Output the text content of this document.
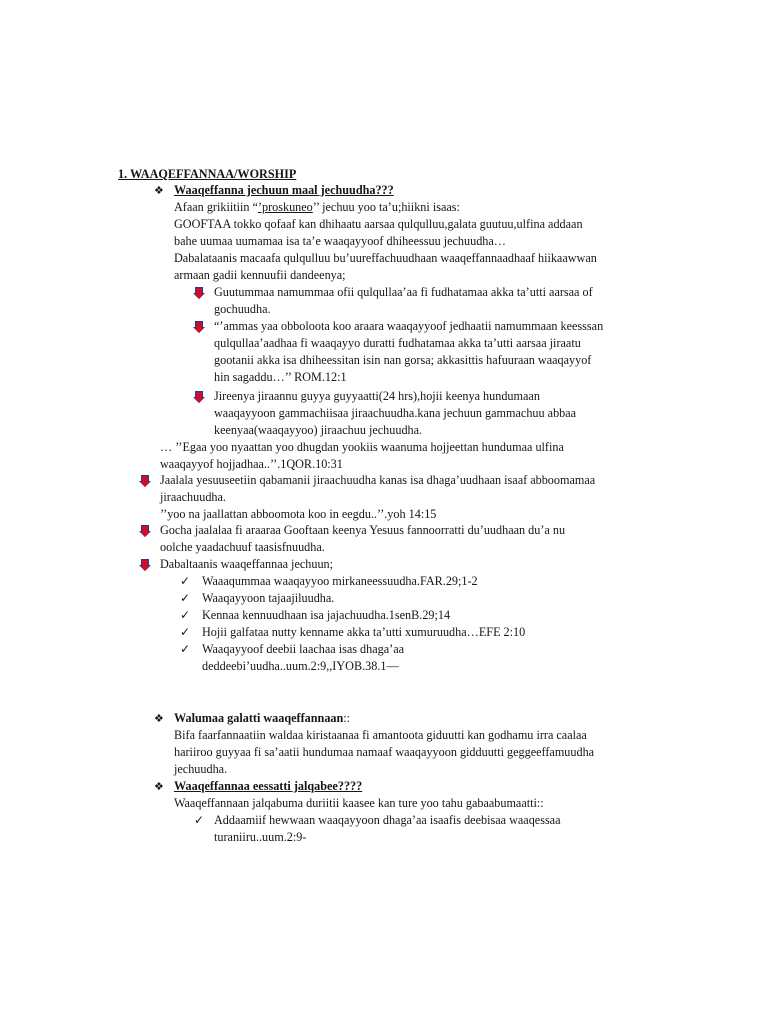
1. WAAQEFFANNAA/WORSHIP
❖ Waaqeffanna jechuun maal jechuudha???
Afaan grikiitiin “’proskuneo’’ jechuu yoo ta’u;hiikni isaas:
GOOFTAA tokko qofaaf kan dhihaatu aarsaa qulqulluu,galata guutuu,ulfina addaan
bahe uumaa uumamaa isa ta’e waaqayyoof dhiheessuu jechuudha…
Dabalataanis macaafa qulqulluu bu’uureffachuudhaan waaqeffannaadhaaf hiikaawwan
armaan gadii kennuufii dandeenya;
Guutummaa namummaa ofii qulqullaa’aa fi fudhatamaa akka ta’utti aarsaa of
gochuudha.
“’ammas yaa obboloota koo araara waaqayyoof jedhaatii namummaan keesssan
qulqullaa’aadhaa fi waaqayyo duratti fudhatamaa akka ta’utti aarsaa jiraatu
gootanii akka isa dhiheessitan isin nan gorsa; akkasittis hafuuraan waaqayyof
hin sagaddu…’’ ROM.12:1
Jireenya jiraannu guyya guyyaatti(24 hrs),hojii keenya hundumaan
waaqayyoon gammachiisaa jiraachuudha.kana jechuun gammachuu abbaa
keenyaa(waaqayyoo) jiraachuu jechuudha.
… ’’Egaa yoo nyaattan yoo dhugdan yookiis waanuma hojjeettan hundumaa ulfina
waaqayyof hojjadhaa..’’.1QOR.10:31
Jaalala yesuuseetiin qabamanii jiraachuudha kanas isa dhaga’uudhaan isaaf abboomamaa
jiraachuudha.
’’yoo na jaallattan abboomota koo in eegdu..’’.yoh 14:15
Gocha jaalalaa fi araaraa Gooftaan keenya Yesuus fannoorratti du’uudhaan du’a nu
oolche yaadachuuf taasisfnuudha.
Dabaltaanis waaqeffannaa jechuun;
✓ Waaaqummaa waaqayyoo mirkaneessuudha.FAR.29;1-2
✓ Waaqayyoon tajaajiluudha.
✓ Kennaa kennuudhaan isa jajachuudha.1senB.29;14
✓ Hojii galfataa nutty kenname akka ta’utti xumuruudha…EFE 2:10
✓ Waaqayyoof deebii laachaa isas dhaga’aa
deddeebi’uudha..uum.2:9,,IYOB.38.1—
❖ Walumaa galatti waaqeffannaan::
Bifa faarfannaatiin waldaa kiristaanaa fi amantoota giduutti kan godhamu irra caalaa
hariiroo guyyaa fi sa’aatii hundumaa namaaf waaqayyoon gidduutti geggeeffamuudha
jechuudha.
❖ Waaqeffannaa eessatti jalqabee????
Waaqeffannaan jalqabuma duriitii kaasee kan ture yoo tahu gabaabumaatti::
✓ Addaamiif hewwaan waaqayyoon dhaga’aa isaafis deebisaa waaqessaa
turaniiru..uum.2:9-
